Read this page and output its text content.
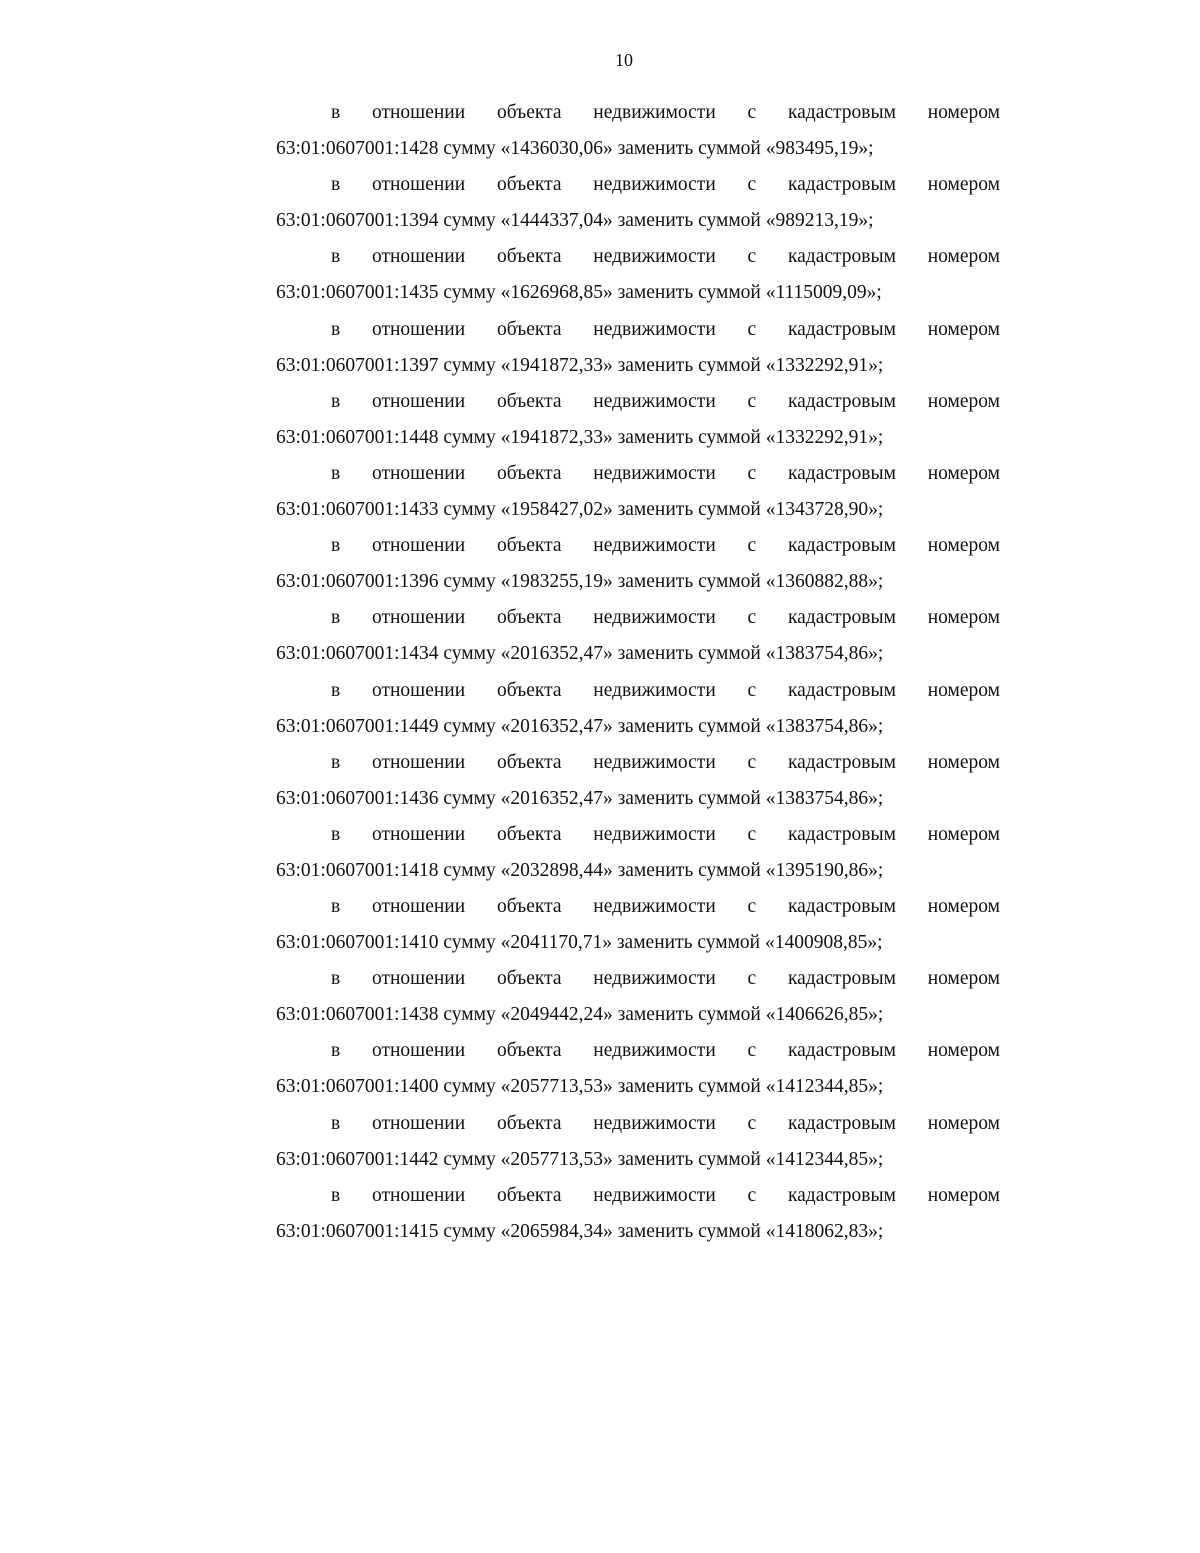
10
в отношении объекта недвижимости с кадастровым номером
63:01:0607001:1428 сумму «1436030,06» заменить суммой «983495,19»;
в отношении объекта недвижимости с кадастровым номером
63:01:0607001:1394 сумму «1444337,04» заменить суммой «989213,19»;
в отношении объекта недвижимости с кадастровым номером
63:01:0607001:1435 сумму «1626968,85» заменить суммой «1115009,09»;
в отношении объекта недвижимости с кадастровым номером
63:01:0607001:1397 сумму «1941872,33» заменить суммой «1332292,91»;
в отношении объекта недвижимости с кадастровым номером
63:01:0607001:1448 сумму «1941872,33» заменить суммой «1332292,91»;
в отношении объекта недвижимости с кадастровым номером
63:01:0607001:1433 сумму «1958427,02» заменить суммой «1343728,90»;
в отношении объекта недвижимости с кадастровым номером
63:01:0607001:1396 сумму «1983255,19» заменить суммой «1360882,88»;
в отношении объекта недвижимости с кадастровым номером
63:01:0607001:1434 сумму «2016352,47» заменить суммой «1383754,86»;
в отношении объекта недвижимости с кадастровым номером
63:01:0607001:1449 сумму «2016352,47» заменить суммой «1383754,86»;
в отношении объекта недвижимости с кадастровым номером
63:01:0607001:1436 сумму «2016352,47» заменить суммой «1383754,86»;
в отношении объекта недвижимости с кадастровым номером
63:01:0607001:1418 сумму «2032898,44» заменить суммой «1395190,86»;
в отношении объекта недвижимости с кадастровым номером
63:01:0607001:1410 сумму «2041170,71» заменить суммой «1400908,85»;
в отношении объекта недвижимости с кадастровым номером
63:01:0607001:1438 сумму «2049442,24» заменить суммой «1406626,85»;
в отношении объекта недвижимости с кадастровым номером
63:01:0607001:1400 сумму «2057713,53» заменить суммой «1412344,85»;
в отношении объекта недвижимости с кадастровым номером
63:01:0607001:1442 сумму «2057713,53» заменить суммой «1412344,85»;
в отношении объекта недвижимости с кадастровым номером
63:01:0607001:1415 сумму «2065984,34» заменить суммой «1418062,83»;
